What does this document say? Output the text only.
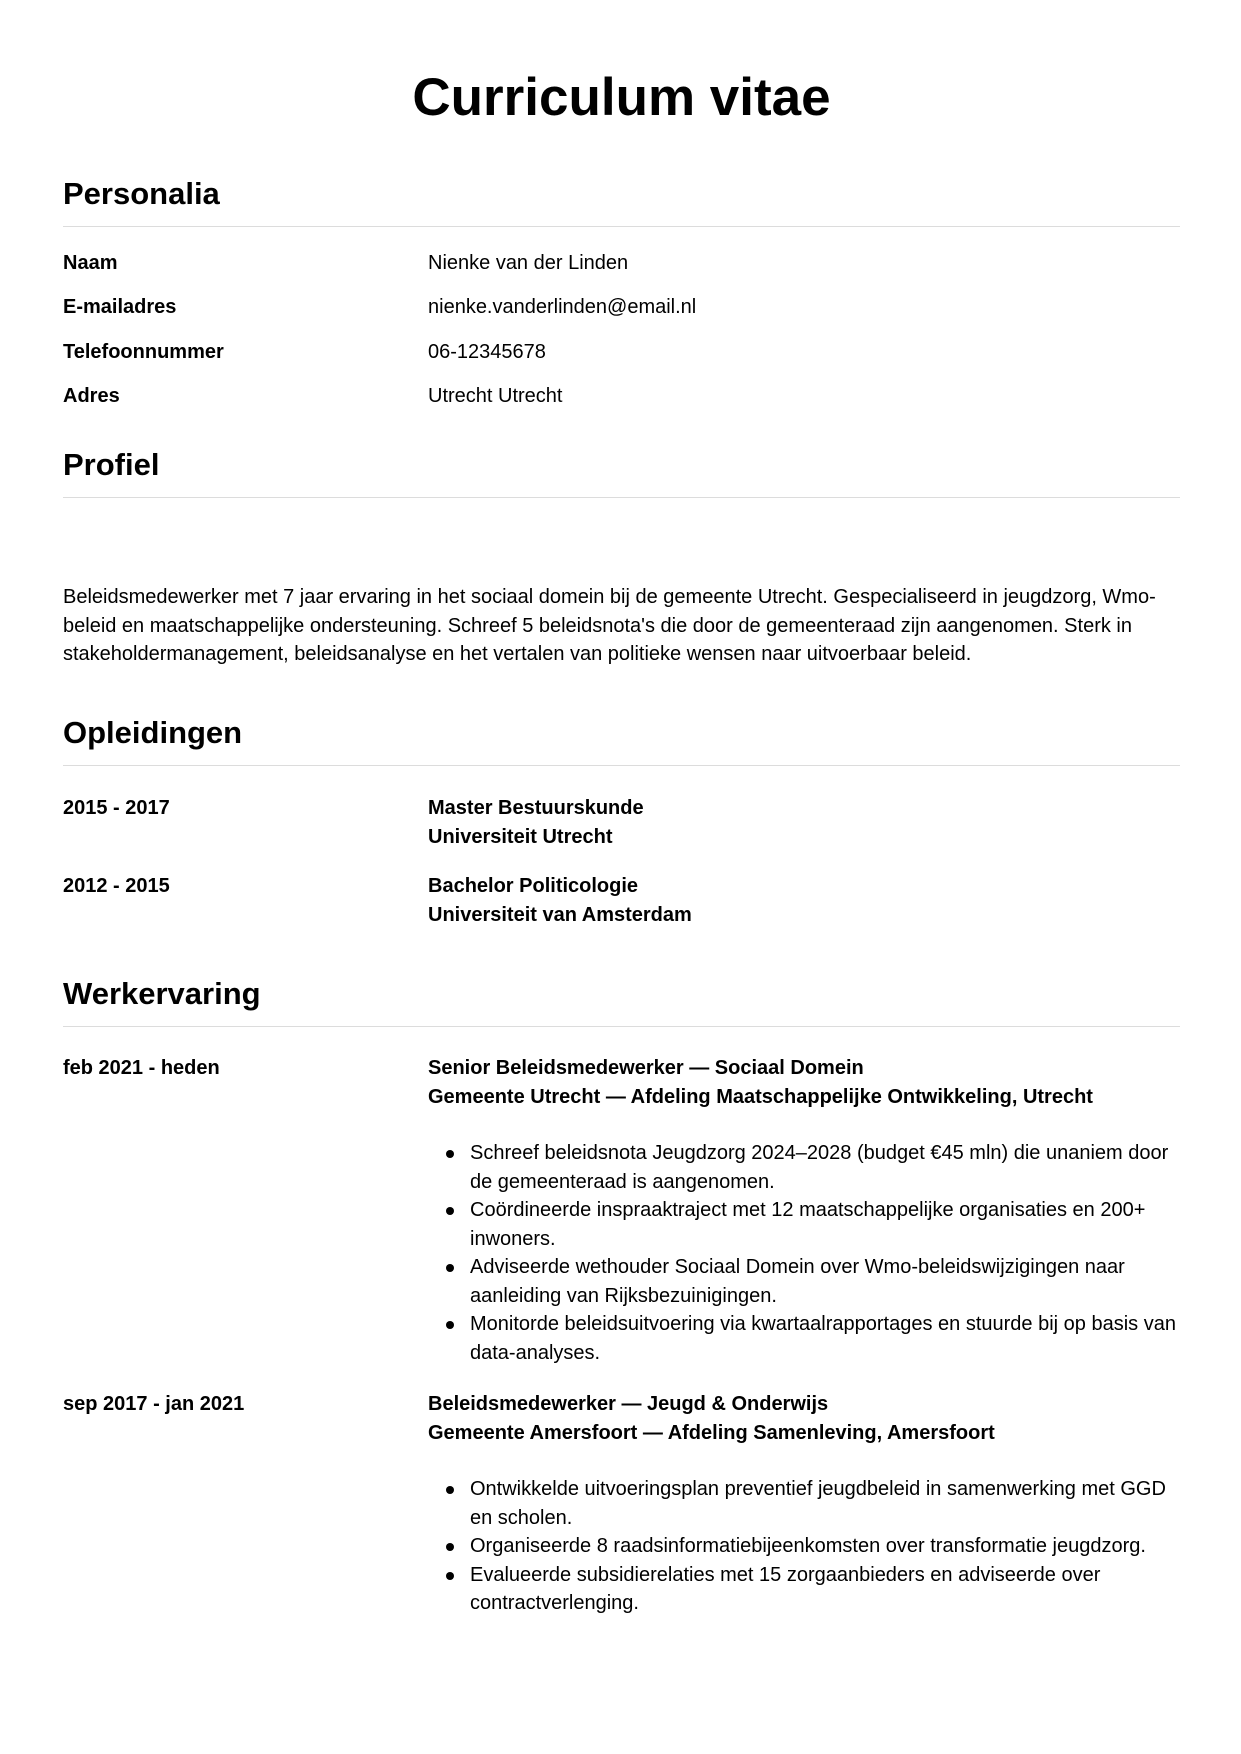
Curriculum vitae
Personalia
Naam	Nienke van der Linden
E-mailadres	nienke.vanderlinden@email.nl
Telefoonnummer	06-12345678
Adres	Utrecht Utrecht
Profiel

Beleidsmedewerker met 7 jaar ervaring in het sociaal domein bij de gemeente Utrecht. Gespecialiseerd in jeugdzorg, Wmo-beleid en maatschappelijke ondersteuning. Schreef 5 beleidsnota's die door de gemeenteraad zijn aangenomen. Sterk in stakeholdermanagement, beleidsanalyse en het vertalen van politieke wensen naar uitvoerbaar beleid.

Opleidingen
2015 - 2017	Master Bestuurskunde
Universiteit Utrecht
2012 - 2015	Bachelor Politicologie
Universiteit van Amsterdam
Werkervaring
feb 2021 - heden	Senior Beleidsmedewerker — Sociaal Domein
Gemeente Utrecht — Afdeling Maatschappelijke Ontwikkeling, Utrecht
Schreef beleidsnota Jeugdzorg 2024–2028 (budget €45 mln) die unaniem door de gemeenteraad is aangenomen.
Coördineerde inspraaktraject met 12 maatschappelijke organisaties en 200+ inwoners.
Adviseerde wethouder Sociaal Domein over Wmo-beleidswijzigingen naar aanleiding van Rijksbezuinigingen.
Monitorde beleidsuitvoering via kwartaalrapportages en stuurde bij op basis van data-analyses.
sep 2017 - jan 2021	Beleidsmedewerker — Jeugd & Onderwijs
Gemeente Amersfoort — Afdeling Samenleving, Amersfoort
Ontwikkelde uitvoeringsplan preventief jeugdbeleid in samenwerking met GGD en scholen.
Organiseerde 8 raadsinformatiebijeenkomsten over transformatie jeugdzorg.
Evalueerde subsidierelaties met 15 zorgaanbieders en adviseerde over contractverlenging.
